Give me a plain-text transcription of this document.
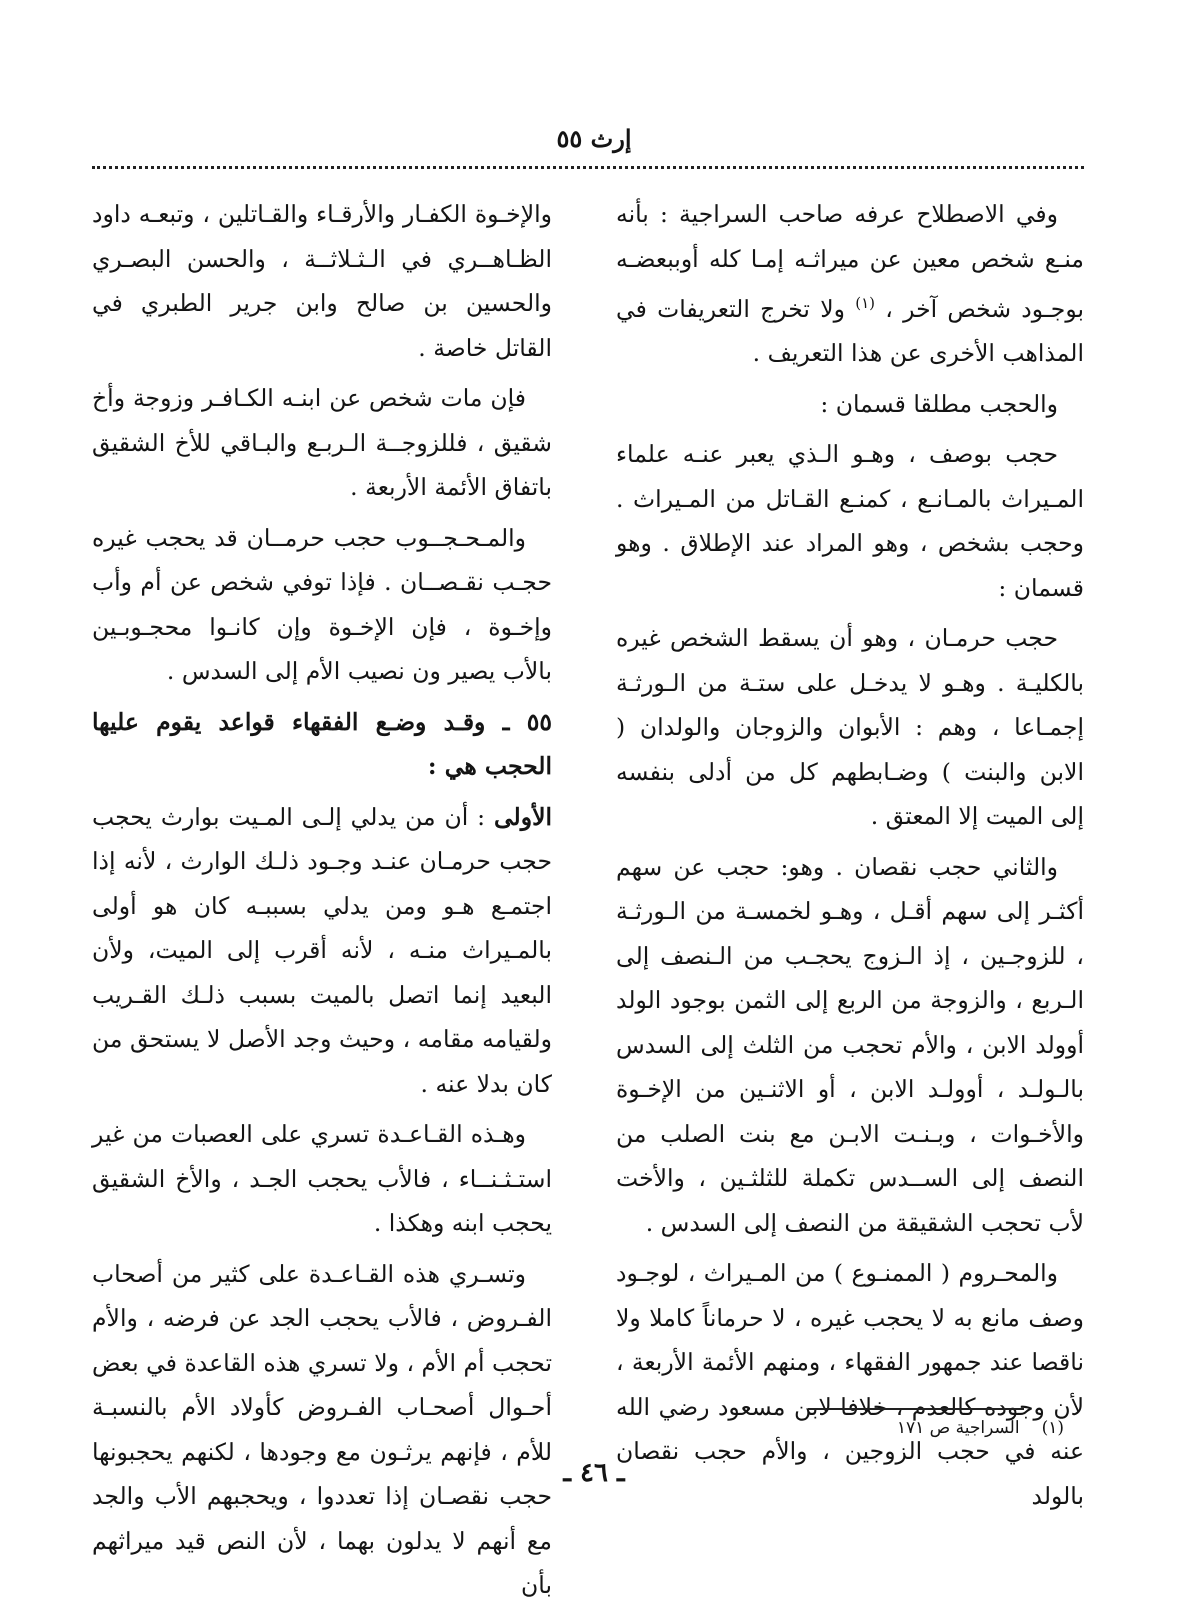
إرث ٥٥

وفي الاصطلاح عرفه صاحب السراجية : بأنه منـع شخص معين عن ميراثـه إمـا كله أوببعضـه بوجـود شخص آخر ، $^{(١)}$ ولا تخرج التعريفات في المذاهب الأخرى عن هذا التعريف .

والحجب مطلقا قسمان :

حجب بوصف ، وهـو الـذي يعبر عنـه علماء المـيراث بالمـانـع ، كمنـع القـاتل من المـيراث . وحجب بشخص ، وهو المراد عند الإطلاق . وهو قسمان :

حجب حرمـان ، وهو أن يسقط الشخص غيره بالكليـة . وهـو لا يدخـل على ستـة من الـورثـة إجمـاعا ، وهم : الأبوان والزوجان والولدان ( الابن والبنت ) وضـابطهم كل من أدلى بنفسه إلى الميت إلا المعتق .

والثاني حجب نقصان . وهو: حجب عن سهم أكثـر إلى سهم أقـل ، وهـو لخمسـة من الـورثـة ، للزوجـين ، إذ الـزوج يحجـب من الـنصف إلى الـربع ، والزوجة من الربع إلى الثمن بوجود الولد أوولد الابن ، والأم تحجب من الثلث إلى السدس بالـولـد ، أوولـد الابن ، أو الاثنـين من الإخـوة والأخـوات ، وبـنـت الابـن مع بنت الصلب من النصف إلى الســدس تكملة للثلثـين ، والأخت لأب تحجب الشقيقة من النصف إلى السدس .

والمحـروم ( الممنـوع ) من المـيراث ، لوجـود وصف مانع به لا يحجب غيره ، لا حرماناً كاملا ولا ناقصا عند جمهور الفقهاء ، ومنهم الأئمة الأربعة ، لأن وجوده كالعدم ، خلافا لابن مسعود رضي الله عنه في حجب الزوجين ، والأم حجب نقصان بالولد

والإخـوة الكفـار والأرقـاء والقـاتلين ، وتبعـه داود الظـاهــري في الـثـلاثــة ، والحسن البصـري والحسين بن صالح وابن جرير الطبري في القاتل خاصة .

فإن مات شخص عن ابنـه الكـافـر وزوجة وأخ شقيق ، فللزوجــة الـربـع والبـاقي للأخ الشقيق باتفاق الأئمة الأربعة .

والمـحـجــوب حجب حرمــان قد يحجب غيره حجـب نقـصــان . فإذا توفي شخص عن أم وأب وإخـوة ، فإن الإخـوة وإن كانـوا محجـوبـين بالأب يصير ون نصيب الأم إلى السدس .

٥٥ ـ وقـد وضـع الفقهاء قواعد يقوم عليها الحجب هي :

الأولى : أن من يدلي إلـى المـيت بوارث يحجب حجب حرمـان عنـد وجـود ذلـك الوارث ، لأنه إذا اجتمـع هـو ومن يدلي بسببـه كان هو أولى بالمـيراث منـه ، لأنه أقرب إلى الميت، ولأن البعيد إنما اتصل بالميت بسبب ذلـك القـريب ولقيامه مقامه ، وحيث وجد الأصل لا يستحق من كان بدلا عنه .

وهـذه القـاعـدة تسري على العصبات من غير استـثـنــاء ، فالأب يحجب الجـد ، والأخ الشقيق يحجب ابنه وهكذا .

وتسـري هذه القـاعـدة على كثير من أصحاب الفـروض ، فالأب يحجب الجد عن فرضه ، والأم تحجب أم الأم ، ولا تسري هذه القاعدة في بعض أحـوال أصحـاب الفـروض كأولاد الأم بالنسبـة للأم ، فإنهم يرثـون مع وجودها ، لكنهم يحجبونها حجب نقصـان إذا تعددوا ، ويحجبهم الأب والجد مع أنهم لا يدلون بهما ، لأن النص قيد ميراثهم بأن

(١)السراجية ص ١٧١
ـ ٤٦ ـ
